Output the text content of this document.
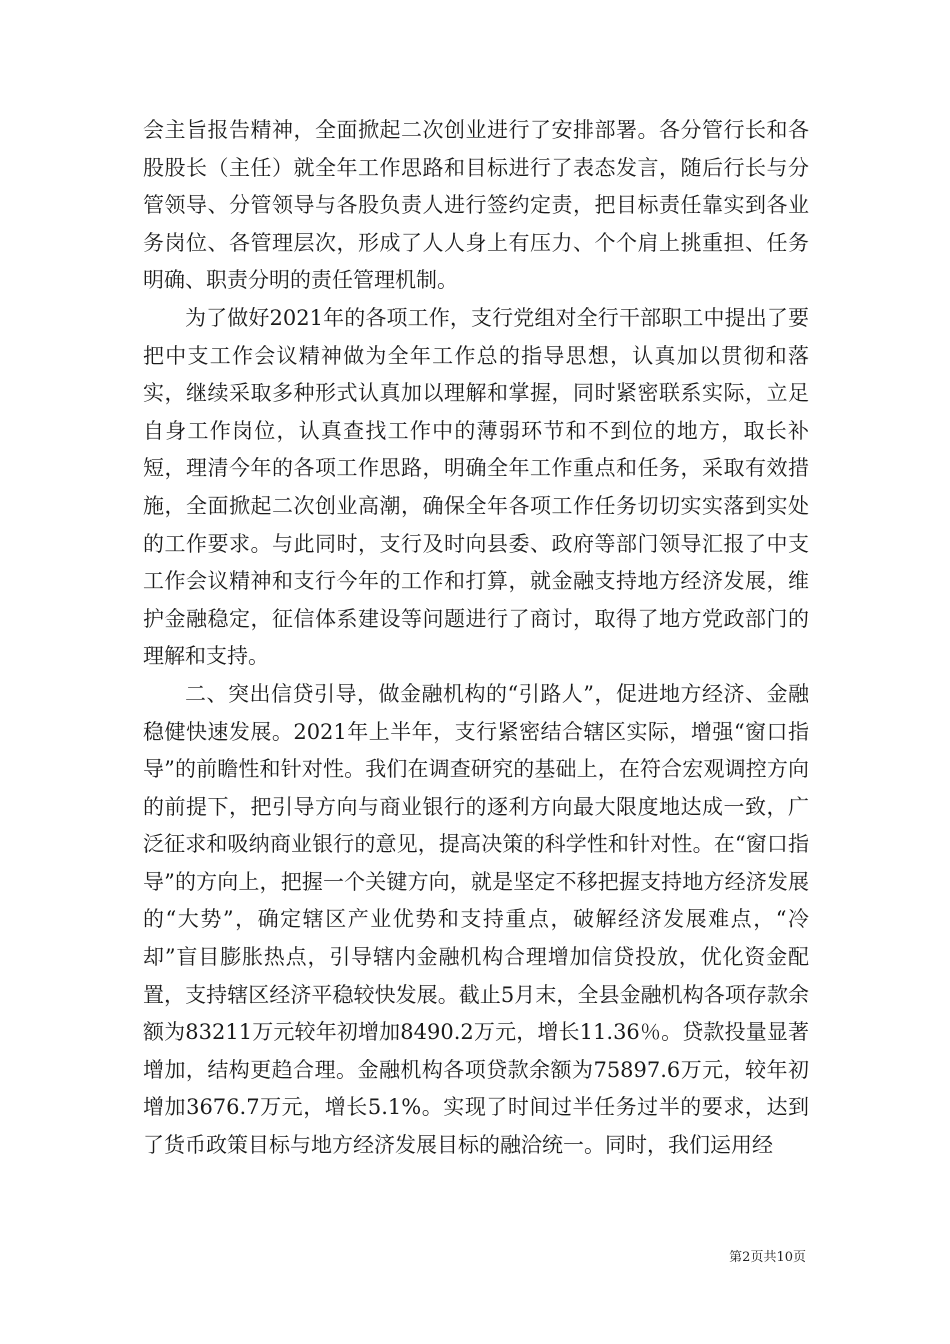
会主旨报告精神，全面掀起二次创业进行了安排部署。各分管行长和各股股长（主任）就全年工作思路和目标进行了表态发言，随后行长与分管领导、分管领导与各股负责人进行签约定责，把目标责任靠实到各业务岗位、各管理层次，形成了人人身上有压力、个个肩上挑重担、任务明确、职责分明的责任管理机制。

为了做好2021年的各项工作，支行党组对全行干部职工中提出了要把中支工作会议精神做为全年工作总的指导思想，认真加以贯彻和落实，继续采取多种形式认真加以理解和掌握，同时紧密联系实际，立足自身工作岗位，认真查找工作中的薄弱环节和不到位的地方，取长补短，理清今年的各项工作思路，明确全年工作重点和任务，采取有效措施，全面掀起二次创业高潮，确保全年各项工作任务切切实实落到实处的工作要求。与此同时，支行及时向县委、政府等部门领导汇报了中支工作会议精神和支行今年的工作和打算，就金融支持地方经济发展，维护金融稳定，征信体系建设等问题进行了商讨，取得了地方党政部门的理解和支持。

二、突出信贷引导，做金融机构的“引路人”，促进地方经济、金融稳健快速发展。2021年上半年，支行紧密结合辖区实际，增强“窗口指导”的前瞻性和针对性。我们在调查研究的基础上，在符合宏观调控方向的前提下，把引导方向与商业银行的逐利方向最大限度地达成一致，广泛征求和吸纳商业银行的意见，提高决策的科学性和针对性。在“窗口指导”的方向上，把握一个关键方向，就是坚定不移把握支持地方经济发展的“大势”，确定辖区产业优势和支持重点，破解经济发展难点，“冷却”盲目膨胀热点，引导辖内金融机构合理增加信贷投放，优化资金配置，支持辖区经济平稳较快发展。截止5月末，全县金融机构各项存款余额为83211万元较年初增加8490.2万元，增长11.36％。贷款投量显著增加，结构更趋合理。金融机构各项贷款余额为75897.6万元，较年初增加3676.7万元，增长5.1%。实现了时间过半任务过半的要求，达到了货币政策目标与地方经济发展目标的融洽统一。同时，我们运用经

第2页共10页
